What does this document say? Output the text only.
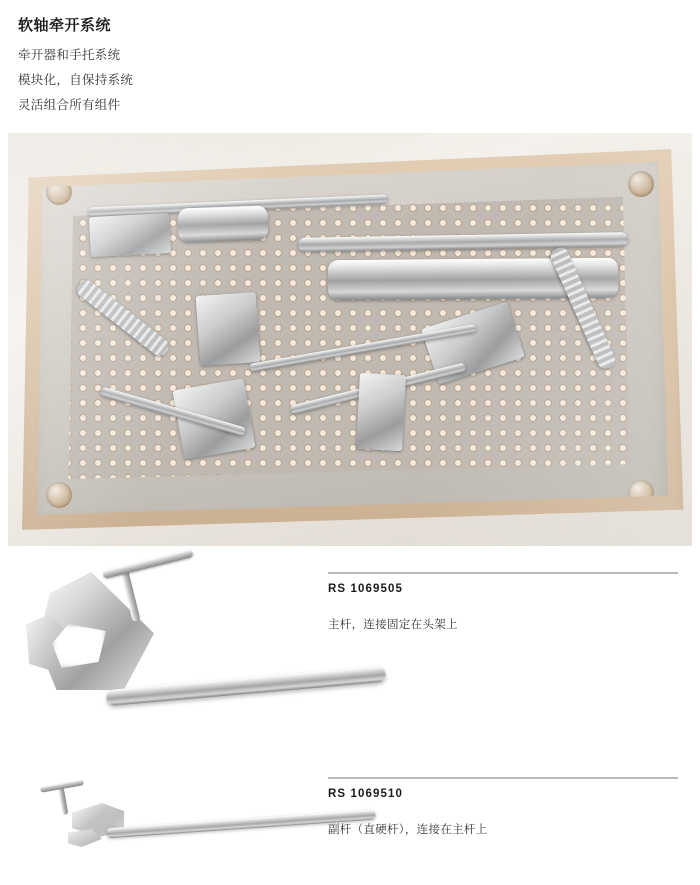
软轴牵开系统
牵开器和手托系统
模块化，自保持系统
灵活组合所有组件
RS 1069505
主杆，连接固定在头架上
RS 1069510
副杆（直硬杆），连接在主杆上
